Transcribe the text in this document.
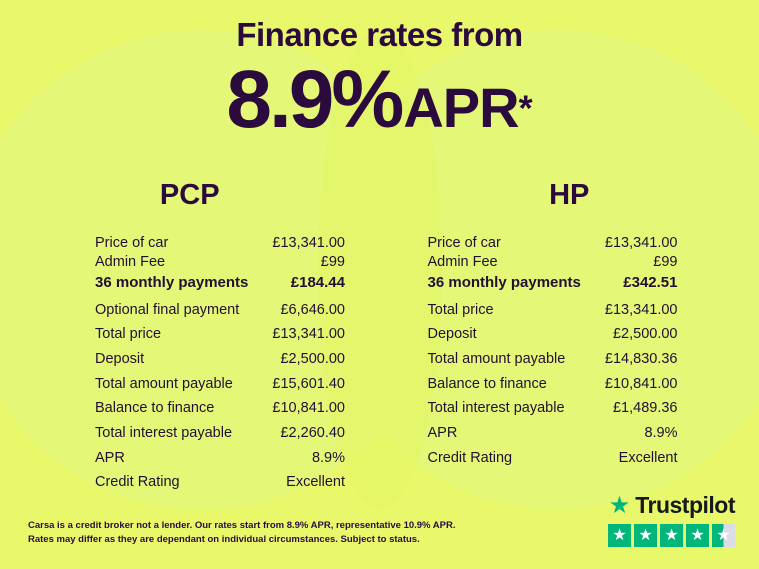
Finance rates from
8.9%APR*
PCP
Price of car	£13,341.00
Admin Fee	£99
36 monthly payments	£184.44
Optional final payment	£6,646.00
Total price	£13,341.00
Deposit	£2,500.00
Total amount payable	£15,601.40
Balance to finance	£10,841.00
Total interest payable	£2,260.40
APR	8.9%
Credit Rating	Excellent
HP
Price of car	£13,341.00
Admin Fee	£99
36 monthly payments	£342.51
Total price	£13,341.00
Deposit	£2,500.00
Total amount payable	£14,830.36
Balance to finance	£10,841.00
Total interest payable	£1,489.36
APR	8.9%
Credit Rating	Excellent
Carsa is a credit broker not a lender. Our rates start from 8.9% APR, representative 10.9% APR. Rates may differ as they are dependant on individual circumstances. Subject to status.
★ Trustpilot
★ ★ ★ ★ ★
